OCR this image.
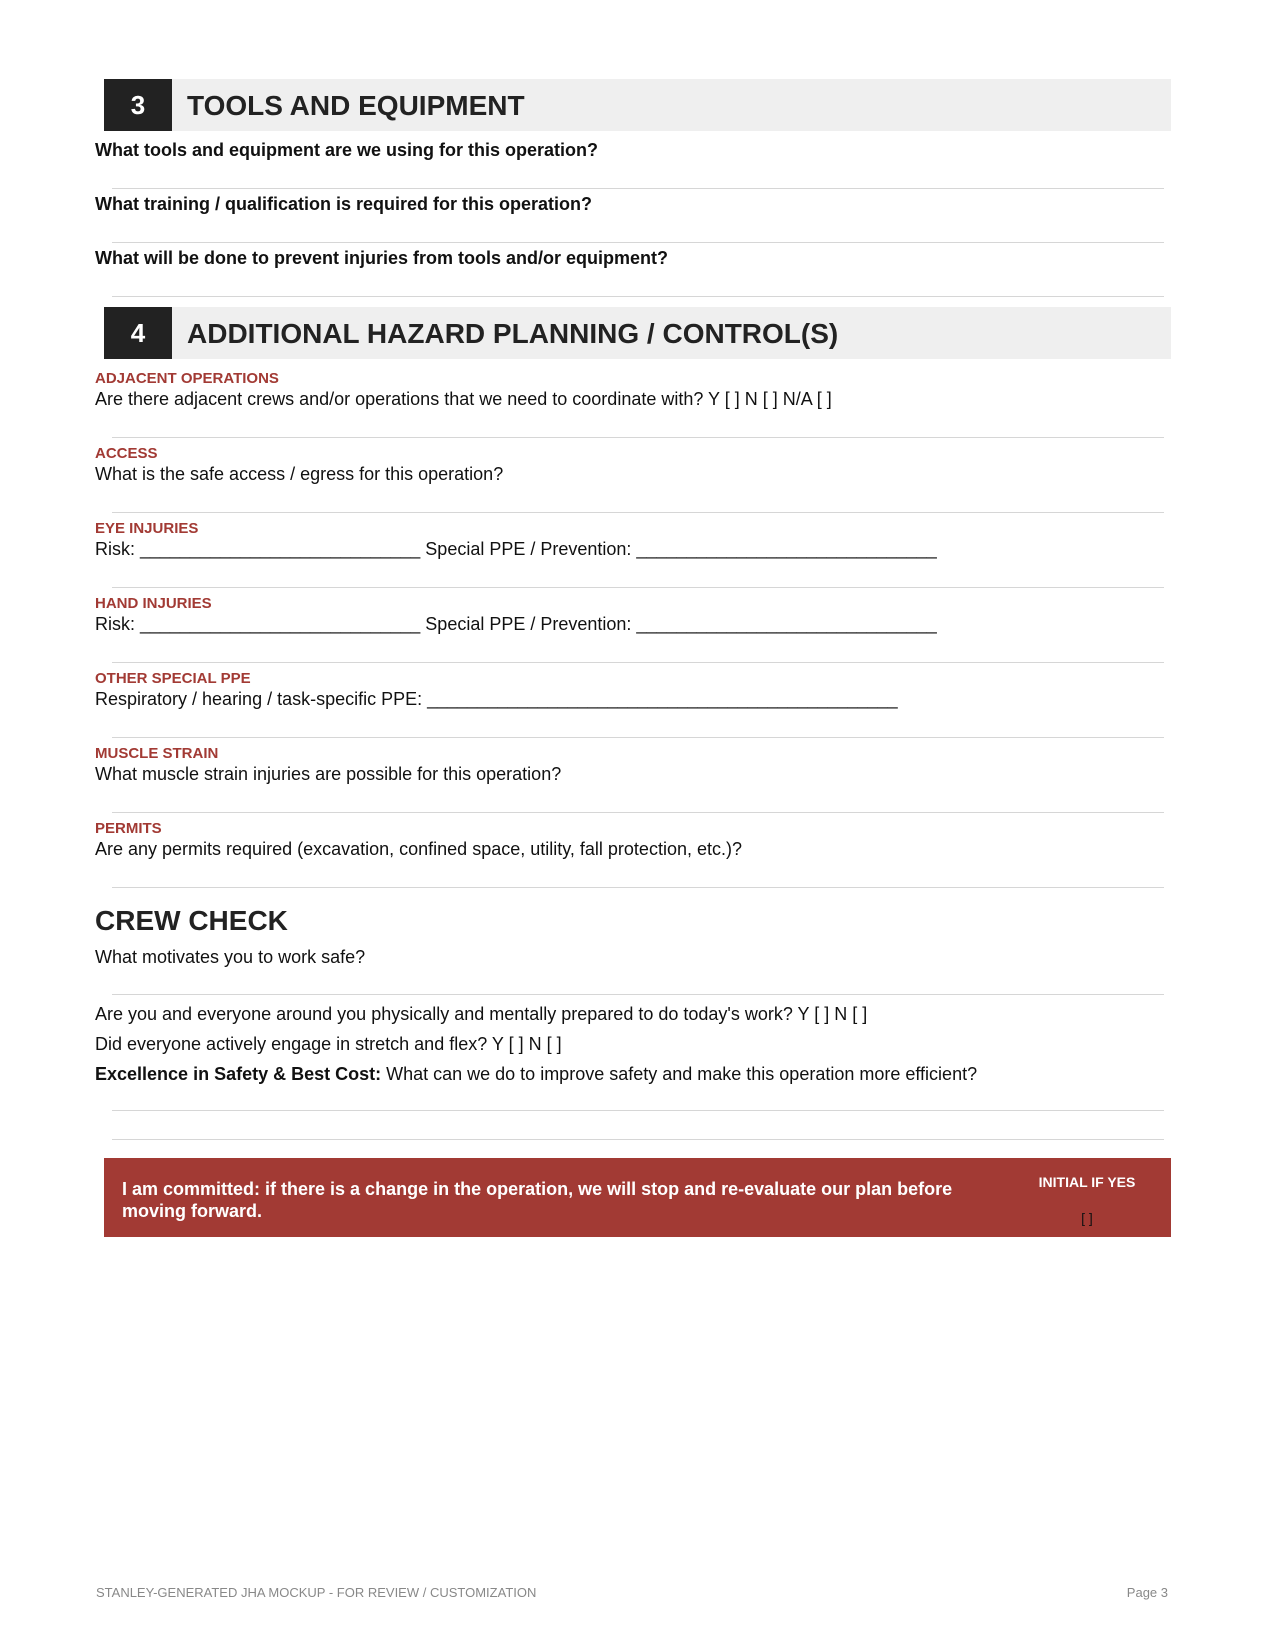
3	TOOLS AND EQUIPMENT
What tools and equipment are we using for this operation?
What training / qualification is required for this operation?
What will be done to prevent injuries from tools and/or equipment?
4	ADDITIONAL HAZARD PLANNING / CONTROL(S)
ADJACENT OPERATIONS
Are there adjacent crews and/or operations that we need to coordinate with? Y [ ] N [ ] N/A [ ]
ACCESS
What is the safe access / egress for this operation?
EYE INJURIES
Risk: ____________________________ Special PPE / Prevention: ______________________________
HAND INJURIES
Risk: ____________________________ Special PPE / Prevention: ______________________________
OTHER SPECIAL PPE
Respiratory / hearing / task-specific PPE: _______________________________________________
MUSCLE STRAIN
What muscle strain injuries are possible for this operation?
PERMITS
Are any permits required (excavation, confined space, utility, fall protection, etc.)?
CREW CHECK
What motivates you to work safe?
Are you and everyone around you physically and mentally prepared to do today's work? Y [ ] N [ ]
Did everyone actively engage in stretch and flex? Y [ ] N [ ]
Excellence in Safety & Best Cost: What can we do to improve safety and make this operation more efficient?
I am committed: if there is a change in the operation, we will stop and re-evaluate our plan before moving forward.
INITIAL IF YES
[ ]
STANLEY-GENERATED JHA MOCKUP - FOR REVIEW / CUSTOMIZATION	Page 3
